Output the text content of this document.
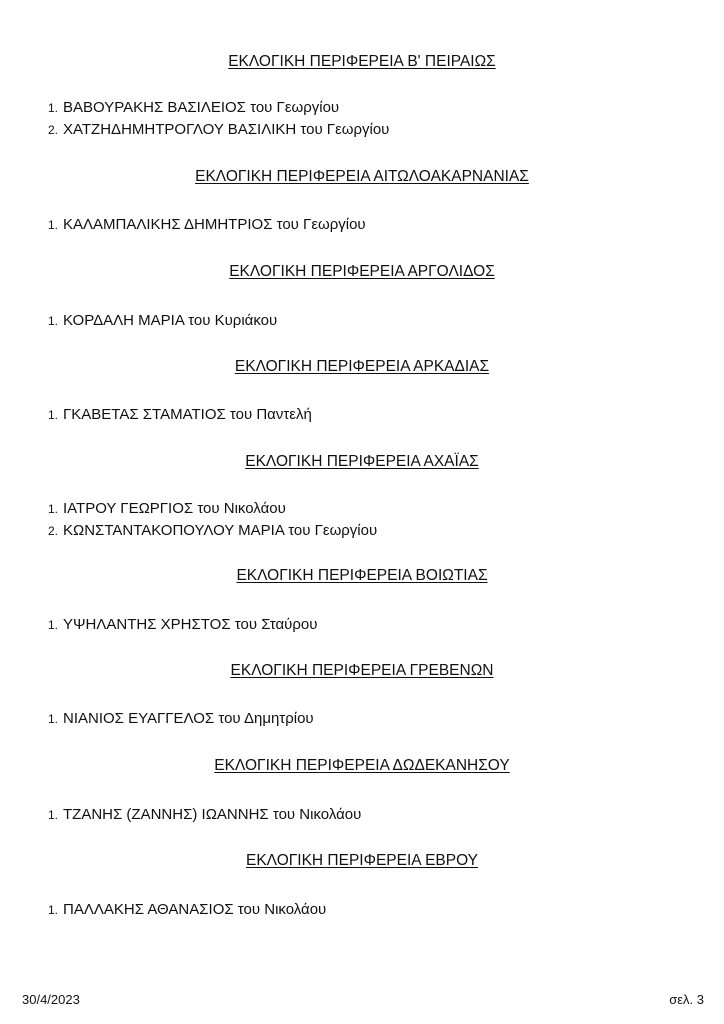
ΕΚΛΟΓΙΚΗ ΠΕΡΙΦΕΡΕΙΑ Β' ΠΕΙΡΑΙΩΣ
1. ΒΑΒΟΥΡΑΚΗΣ ΒΑΣΙΛΕΙΟΣ του Γεωργίου
2. ΧΑΤΖΗΔΗΜΗΤΡΟΓΛΟΥ ΒΑΣΙΛΙΚΗ του Γεωργίου
ΕΚΛΟΓΙΚΗ ΠΕΡΙΦΕΡΕΙΑ ΑΙΤΩΛΟΑΚΑΡΝΑΝΙΑΣ
1. ΚΑΛΑΜΠΑΛΙΚΗΣ ΔΗΜΗΤΡΙΟΣ του Γεωργίου
ΕΚΛΟΓΙΚΗ ΠΕΡΙΦΕΡΕΙΑ ΑΡΓΟΛΙΔΟΣ
1. ΚΟΡΔΑΛΗ ΜΑΡΙΑ του Κυριάκου
ΕΚΛΟΓΙΚΗ ΠΕΡΙΦΕΡΕΙΑ ΑΡΚΑΔΙΑΣ
1. ΓΚΑΒΕΤΑΣ ΣΤΑΜΑΤΙΟΣ του Παντελή
ΕΚΛΟΓΙΚΗ ΠΕΡΙΦΕΡΕΙΑ ΑΧΑΪΑΣ
1. ΙΑΤΡΟΥ ΓΕΩΡΓΙΟΣ του Νικολάου
2. ΚΩΝΣΤΑΝΤΑΚΟΠΟΥΛΟΥ ΜΑΡΙΑ του Γεωργίου
ΕΚΛΟΓΙΚΗ ΠΕΡΙΦΕΡΕΙΑ ΒΟΙΩΤΙΑΣ
1. ΥΨΗΛΑΝΤΗΣ ΧΡΗΣΤΟΣ του Σταύρου
ΕΚΛΟΓΙΚΗ ΠΕΡΙΦΕΡΕΙΑ ΓΡΕΒΕΝΩΝ
1. ΝΙΑΝΙΟΣ ΕΥΑΓΓΕΛΟΣ του Δημητρίου
ΕΚΛΟΓΙΚΗ ΠΕΡΙΦΕΡΕΙΑ ΔΩΔΕΚΑΝΗΣΟΥ
1. ΤΖΑΝΗΣ (ΖΑΝΝΗΣ) ΙΩΑΝΝΗΣ του Νικολάου
ΕΚΛΟΓΙΚΗ ΠΕΡΙΦΕΡΕΙΑ ΕΒΡΟΥ
1. ΠΑΛΛΑΚΗΣ ΑΘΑΝΑΣΙΟΣ του Νικολάου
30/4/2023	σελ. 3
